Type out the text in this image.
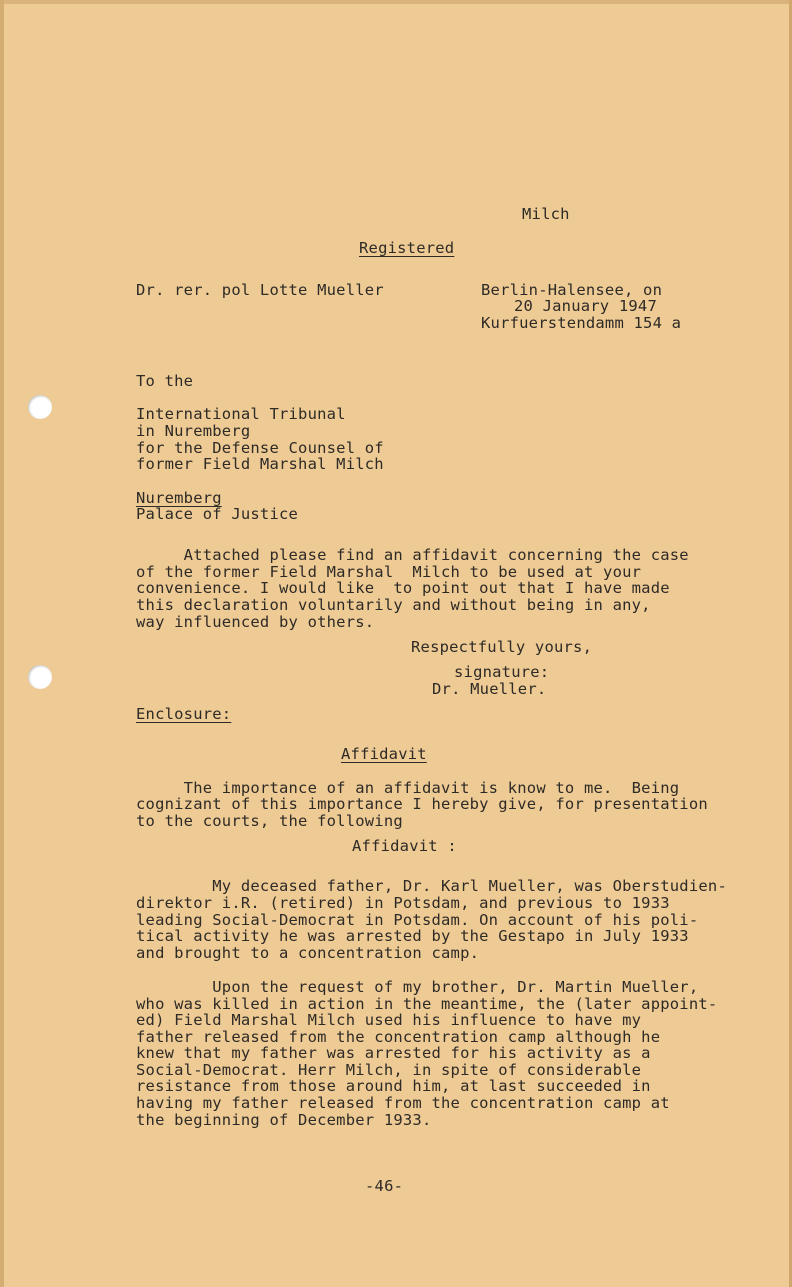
Milch
Registered
Dr. rer. pol Lotte Mueller	Berlin-Halensee, on
20 January 1947
Kurfuerstendamm 154 a
To the
International Tribunal
in Nuremberg
for the Defense Counsel of
former Field Marshal Milch
Nuremberg
Palace of Justice
Attached please find an affidavit concerning the case
of the former Field Marshal  Milch to be used at your
convenience. I would like  to point out that I have made
this declaration voluntarily and without being in any,
way influenced by others.
Respectfully yours,
signature:
Dr. Mueller.
Enclosure:
Affidavit
The importance of an affidavit is know to me.  Being
cognizant of this importance I hereby give, for presentation
to the courts, the following
Affidavit :
My deceased father, Dr. Karl Mueller, was Oberstudien-
direktor i.R. (retired) in Potsdam, and previous to 1933
leading Social-Democrat in Potsdam. On account of his poli-
tical activity he was arrested by the Gestapo in July 1933
and brought to a concentration camp.
Upon the request of my brother, Dr. Martin Mueller,
who was killed in action in the meantime, the (later appoint-
ed) Field Marshal Milch used his influence to have my
father released from the concentration camp although he
knew that my father was arrested for his activity as a
Social-Democrat. Herr Milch, in spite of considerable
resistance from those around him, at last succeeded in
having my father released from the concentration camp at
the beginning of December 1933.
-46-
